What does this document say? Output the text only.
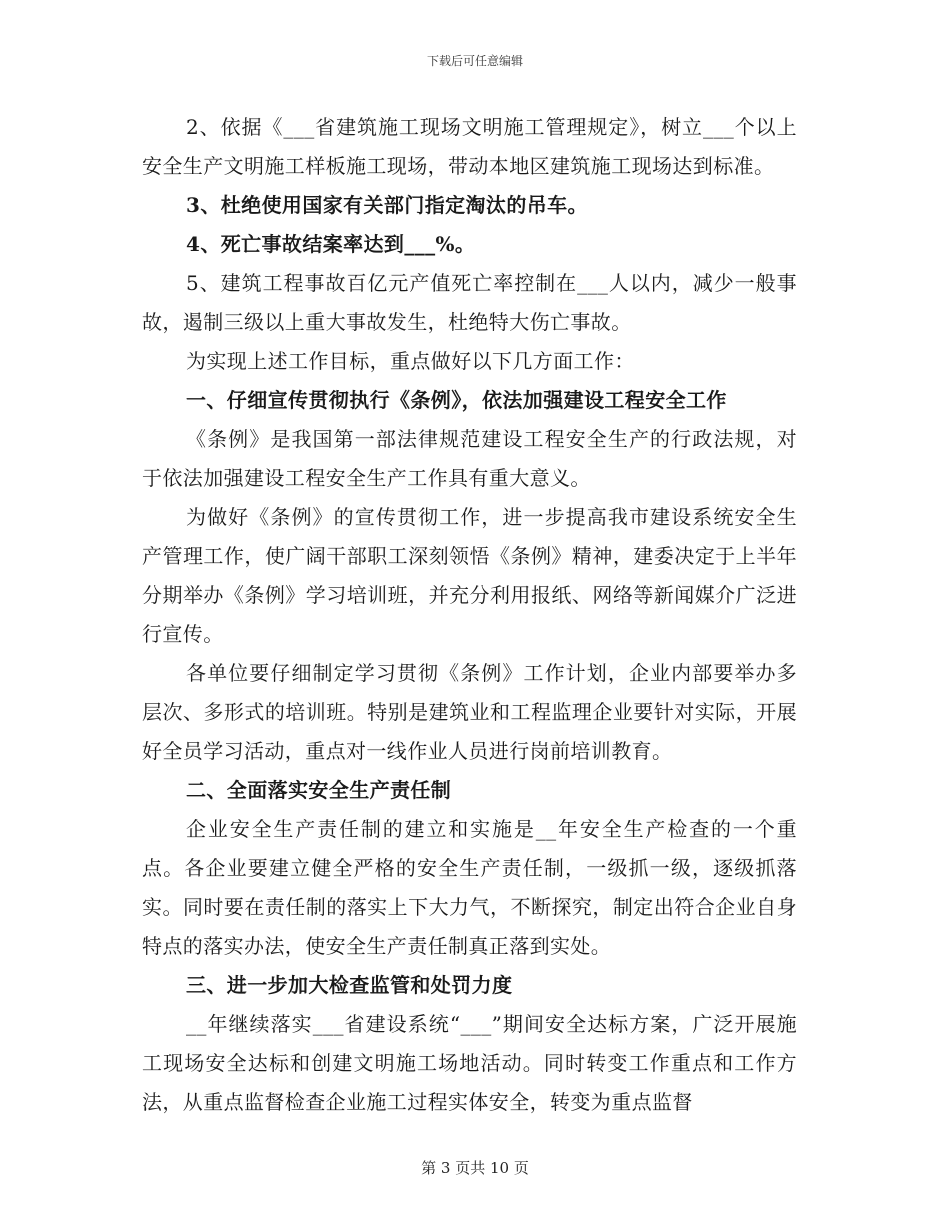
下载后可任意编辑

2、依据《___省建筑施工现场文明施工管理规定》，树立___个以上安全生产文明施工样板施工现场，带动本地区建筑施工现场达到标准。

3、杜绝使用国家有关部门指定淘汰的吊车。

4、死亡事故结案率达到___%。

5、建筑工程事故百亿元产值死亡率控制在___人以内，减少一般事故，遏制三级以上重大事故发生，杜绝特大伤亡事故。

为实现上述工作目标，重点做好以下几方面工作：

一、仔细宣传贯彻执行《条例》，依法加强建设工程安全工作

《条例》是我国第一部法律规范建设工程安全生产的行政法规，对于依法加强建设工程安全生产工作具有重大意义。

为做好《条例》的宣传贯彻工作，进一步提高我市建设系统安全生产管理工作，使广阔干部职工深刻领悟《条例》精神，建委决定于上半年分期举办《条例》学习培训班，并充分利用报纸、网络等新闻媒介广泛进行宣传。

各单位要仔细制定学习贯彻《条例》工作计划，企业内部要举办多层次、多形式的培训班。特别是建筑业和工程监理企业要针对实际，开展好全员学习活动，重点对一线作业人员进行岗前培训教育。

二、全面落实安全生产责任制

企业安全生产责任制的建立和实施是__年安全生产检查的一个重点。各企业要建立健全严格的安全生产责任制，一级抓一级，逐级抓落实。同时要在责任制的落实上下大力气，不断探究，制定出符合企业自身特点的落实办法，使安全生产责任制真正落到实处。

三、进一步加大检查监管和处罚力度

__年继续落实___省建设系统“___”期间安全达标方案，广泛开展施工现场安全达标和创建文明施工场地活动。同时转变工作重点和工作方法，从重点监督检查企业施工过程实体安全，转变为重点监督

第 3 页共 10 页
